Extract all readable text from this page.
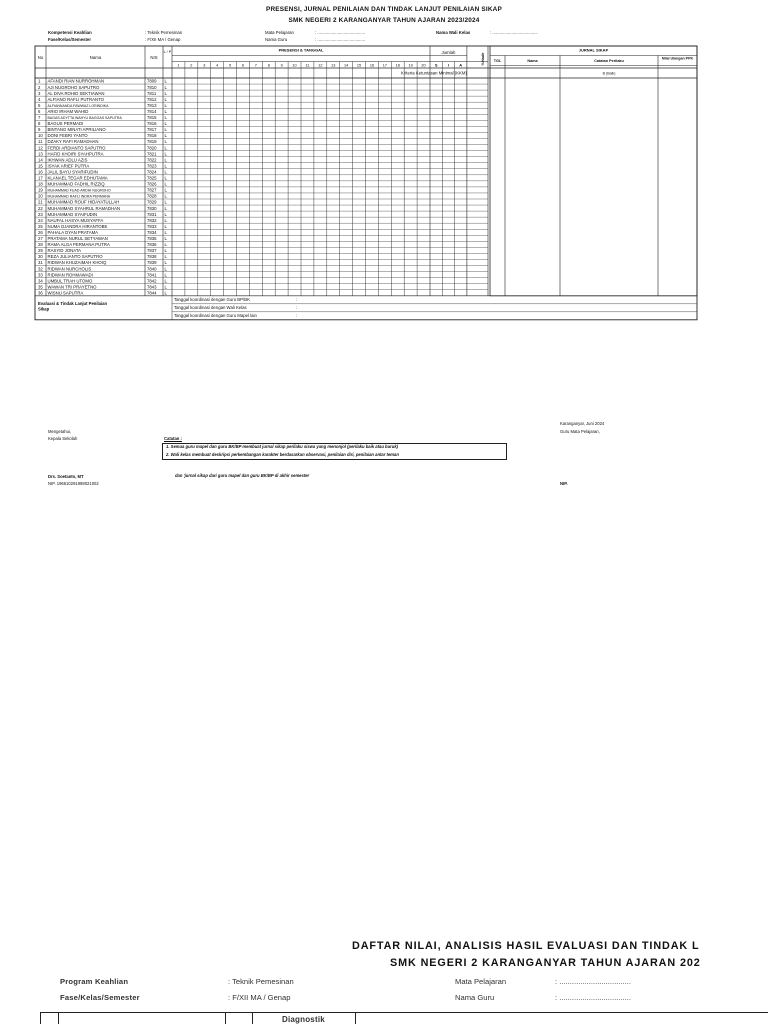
PRESENSI, JURNAL PENILAIAN DAN TINDAK LANJUT PENILAIAN SIKAP
SMK NEGERI 2 KARANGANYAR TAHUN AJARAN 2023/2024
Kompetensi Keahlian	: Teknik Pemesinan
Fase/Kelas/Semester	: F/XII MA / Genap
Mata Pelajaran	: ........................................
Nama Guru	: ........................................
Nama Wali Kelas	: ......................................
No	Nama	NIS
L / P	PRESENSI & TANGGAL	Jumlah	%Hadir
JURNAL SIKAP
TGL	Nama	Catatan Perilaku
Nilai Ulangan PPK
1	2	3	4	5	6	7	8	9	10 11 12 13 14 15 16 17 18 19 20 S	I	A
Kriteria Ketuntasan Minimal (KKM)	B (Baik)
1 AFANDI RIAN NURROHMAN	7809 L
2 AJI NUGROHO SAPUTRO	7810 L
3 AL DIVA ROHID SEKTIAWAN	7811 L
4 ALFIANO RAFLI PUTRANTO	7812 L
5 ALFIANNANDA FAWWAZ LORINDIKA	7813 L
6 ARIO IRHAM WAHID	7814 L
7 BAGAS ADYTTA WAHYU BAGGAS SAPUTRA	7815 L
8 BAGUS PERMADI	7816 L
9 BINTANG MINATI APRILIANO	7817 L
10 DONI FEBRI YANTO	7818 L
11 DZAKY RAFI RAMADHAN	7819 L
12 FERDI ARDIANTO SAPUTRO	7820 L
13 HAFID KHOIRI SYAHPUTRA	7821 L
14 IKHWAN ADLU AZIS	7822 L
15 ISYAK ARIEF PUTRA	7823 L
16 JALIL BAYU SYARIFUDIN	7824 L
17 KLANAEL TEGAR EDHUTAMA	7825 L
18 MUHAMMAD FADHIL RIZZIQ	7826 L
19 MUHAMMAD FUAD ARDHI NUGROHO	7827 L
20 MUHAMMAD RAFLI INDRA PERMANA	7828 L
21 MUHAMMAD ROUF HIDAYATULLAH	7829 L
22 MUHAMMAD SYAHRUL RAMADHAN	7830 L
23 MUHAMMAD SYAIFUDIN	7831 L
24 NAUFAL HASYA MUSYAFFA	7832 L
25 NUMA DJANDRA HIRANTOBE	7833 L
26 PAHALA DYAN PRATAMA	7834 L
27 PRATAMA NURUL SETYAWAN	7835 L
28 RAMA ALGA PERMANA PUTRA	7836 L
29 RASYID JONATA	7837 L
30 REZA JULIANTO SAPUTRO	7838 L
31 RIDWAN KHUZAIMAH KHOIQ	7839 L
32 RIDWAN NURCHOLIS	7840 L
33 RIDWAN ROHMAWADI	7841 L
34 UMBUL TRAH UTOMO	7842 L
35 WAWAN TRI PRAYETNO	7843 L
36 WISNU SAPUTRA	7844 L
Evaluasi & Tindak Lanjut Penilaian
Sikap
Tanggal koordinasi dengan Guru BP/BK	:
Tanggal koordinasi dengan Wali Kelas	:
Tanggal koordinasi dengan Guru Mapel lain	:
Karanganyar, Juni 2024
Guru Mata Pelajaran,
Mengetahui,
Kepala Sekolah	Catatan :
1. Semua guru mapel dan guru BK/BP membuat jurnal sikap perilaku siswa yang menonjol (perilaku baik atau buruk)
2. Wali kelas membuat deskripsi perkembangan karakter berdasarkan observasi, penilaian diri, penilaian antar teman
dan 'jurnal sikap dari guru mapel dan guru BK/BP di akhir semester
Drs. Soetanto, MT
NIP. 196610291998021002	NIP.
DAFTAR NILAI, ANALISIS HASIL EVALUASI DAN TINDAK L
SMK NEGERI 2 KARANGANYAR TAHUN AJARAN 202
Program Keahlian	: Teknik Pemesinan
Fase/Kelas/Semester	: F/XII MA / Genap
Mata Pelajaran	: ..................................
Nama Guru	: ..................................
Diagnostik
